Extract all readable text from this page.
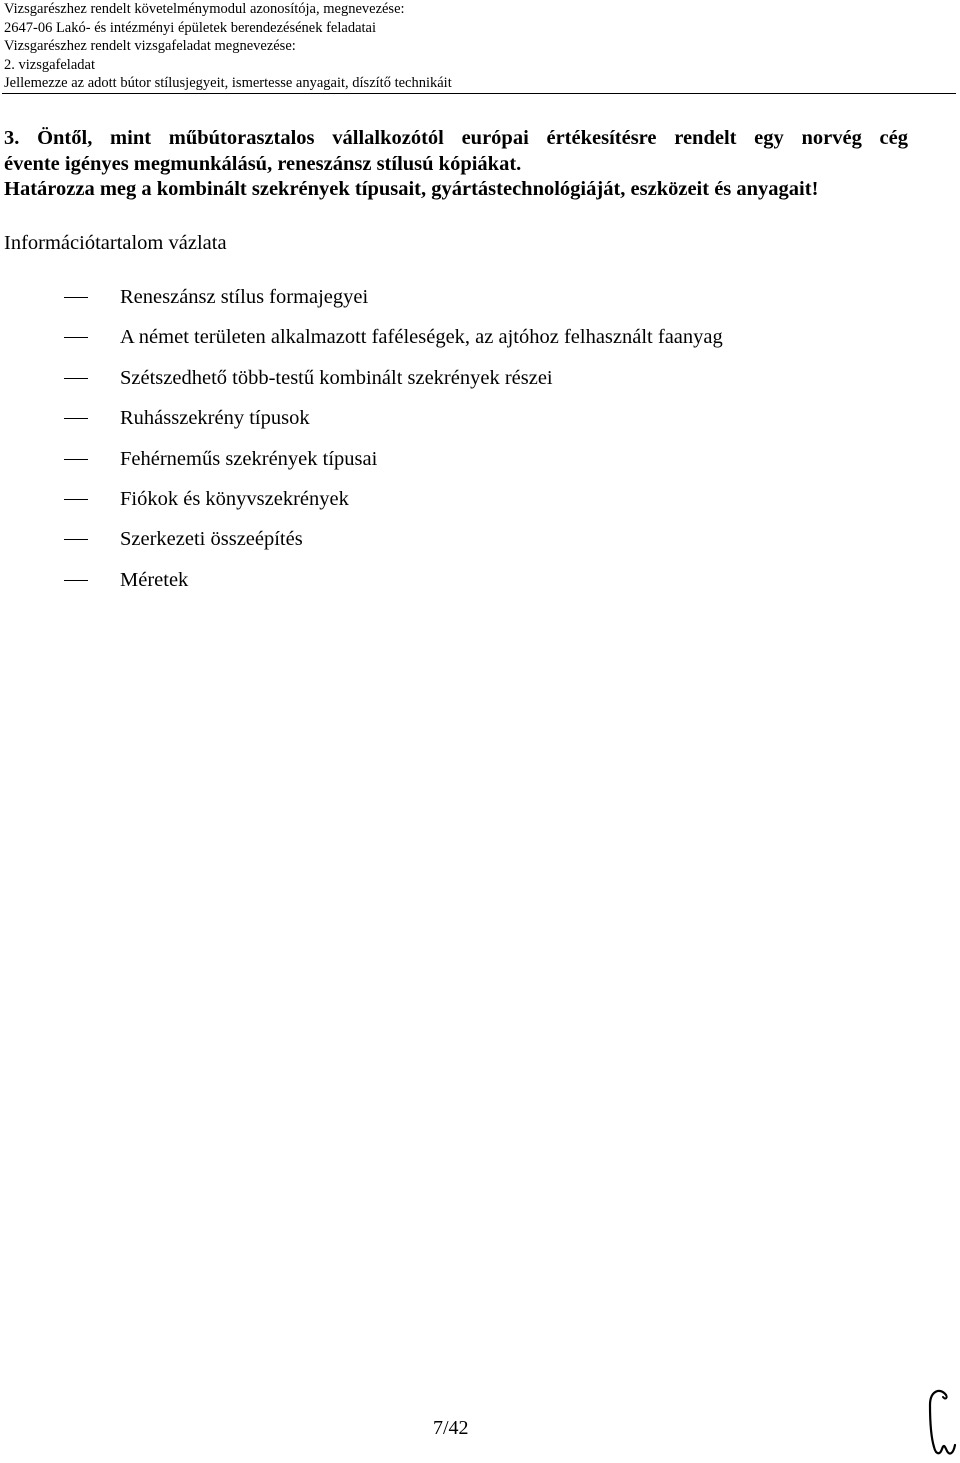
Vizsgarészhez rendelt követelménymodul azonosítója, megnevezése:
2647-06 Lakó- és intézményi épületek berendezésének feladatai
Vizsgarészhez rendelt vizsgafeladat megnevezése:
2. vizsgafeladat
Jellemezze az adott bútor stílusjegyeit, ismertesse anyagait, díszítő technikáit
3. Öntől, mint műbútorasztalos vállalkozótól európai értékesítésre rendelt egy norvég cég
évente igényes megmunkálású, reneszánsz stílusú kópiákat.
Határozza meg a kombinált szekrények típusait, gyártástechnológiáját, eszközeit és anyagait!
Információtartalom vázlata
Reneszánsz stílus formajegyei
A német területen alkalmazott faféleségek, az ajtóhoz felhasznált faanyag
Szétszedhető több-testű kombinált szekrények részei
Ruhásszekrény típusok
Fehérneműs szekrények típusai
Fiókok és könyvszekrények
Szerkezeti összeépítés
Méretek
7/42
